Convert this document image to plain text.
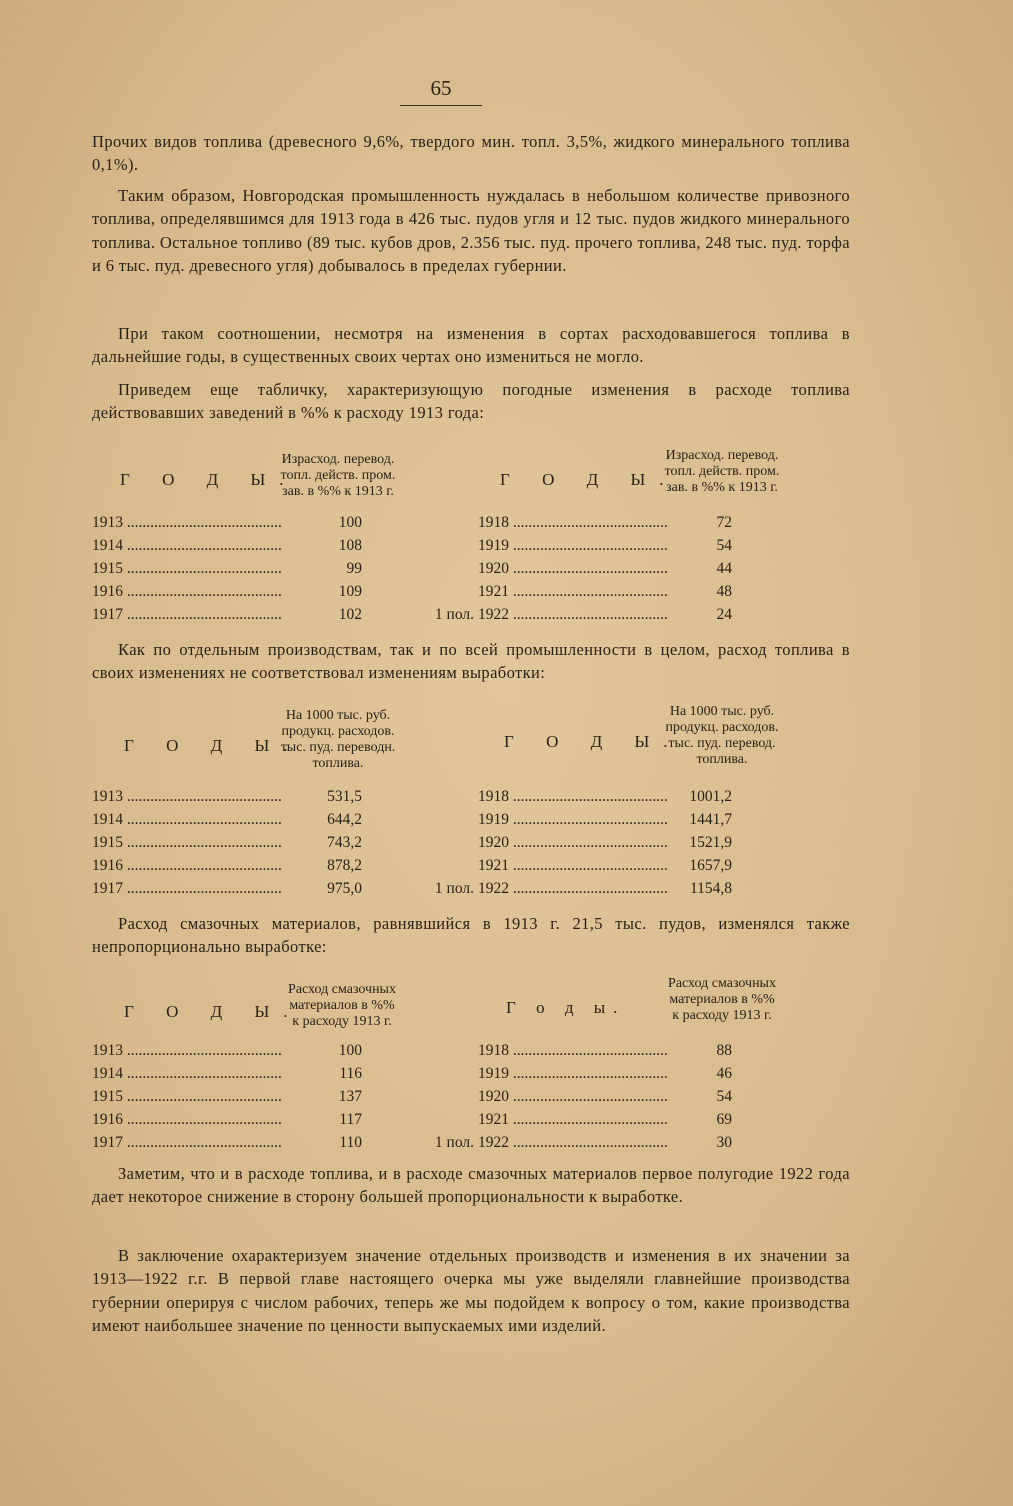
65
Прочих видов топлива (древесного 9,6%, твердого мин. топл. 3,5%, жидкого минерального топлива 0,1%).
Таким образом, Новгородская промышленность нуждалась в небольшом количестве привозного топлива, определявшимся для 1913 года в 426 тыс. пудов угля и 12 тыс. пудов жидкого минерального топлива. Остальное топливо (89 тыс. кубов дров, 2.356 тыс. пуд. прочего топлива, 248 тыс. пуд. торфа и 6 тыс. пуд. древесного угля) добывалось в пределах губернии.
При таком соотношении, несмотря на изменения в сортах расходовавшегося топлива в дальнейшие годы, в существенных своих чертах оно измениться не могло.
Приведем еще табличку, характеризующую погодные изменения в расходе топлива действовавших заведений в %% к расходу 1913 года:
Г О Д Ы.
Израсход. перевод.
топл. действ. пром.
зав. в %% к 1913 г.
Г О Д Ы.
Израсход. перевод.
топл. действ. пром.
зав. в %% к 1913 г.
1913 ........................................	100
1914 ........................................	108
1915 ........................................	99
1916 ........................................	109
1917 ........................................	102
1918 ........................................	72
1919 ........................................	54
1920 ........................................	44
1921 ........................................	48
1 пол. 1922 ........................................	24
Как по отдельным производствам, так и по всей промышленности в целом, расход топлива в своих изменениях не соответствовал изменениям выработки:
Г О Д Ы.
На 1000 тыс. руб.
продукц. расходов.
тыс. пуд. переводн.
топлива.
Г О Д Ы.
На 1000 тыс. руб.
продукц. расходов.
тыс. пуд. перевод.
топлива.
1913 ........................................	531,5
1914 ........................................	644,2
1915 ........................................	743,2
1916 ........................................	878,2
1917 ........................................	975,0
1918 ........................................	1001,2
1919 ........................................	1441,7
1920 ........................................	1521,9
1921 ........................................	1657,9
1 пол. 1922 ........................................	1154,8
Расход смазочных материалов, равнявшийся в 1913 г. 21,5 тыс. пудов, изменялся также непропорционально выработке:
Г О Д Ы.
Расход смазочных
материалов в %%
к расходу 1913 г.
Г о д ы.
Расход смазочных
материалов в %%
к расходу 1913 г.
1913 ........................................	100
1914 ........................................	116
1915 ........................................	137
1916 ........................................	117
1917 ........................................	110
1918 ........................................	88
1919 ........................................	46
1920 ........................................	54
1921 ........................................	69
1 пол. 1922 ........................................	30
Заметим, что и в расходе топлива, и в расходе смазочных материалов первое полугодие 1922 года дает некоторое снижение в сторону большей пропорциональности к выработке.
В заключение охарактеризуем значение отдельных производств и изменения в их значении за 1913—1922 г.г. В первой главе настоящего очерка мы уже выделяли главнейшие производства губернии оперируя с числом рабочих, теперь же мы подойдем к вопросу о том, какие производства имеют наибольшее значение по ценности выпускаемых ими изделий.
